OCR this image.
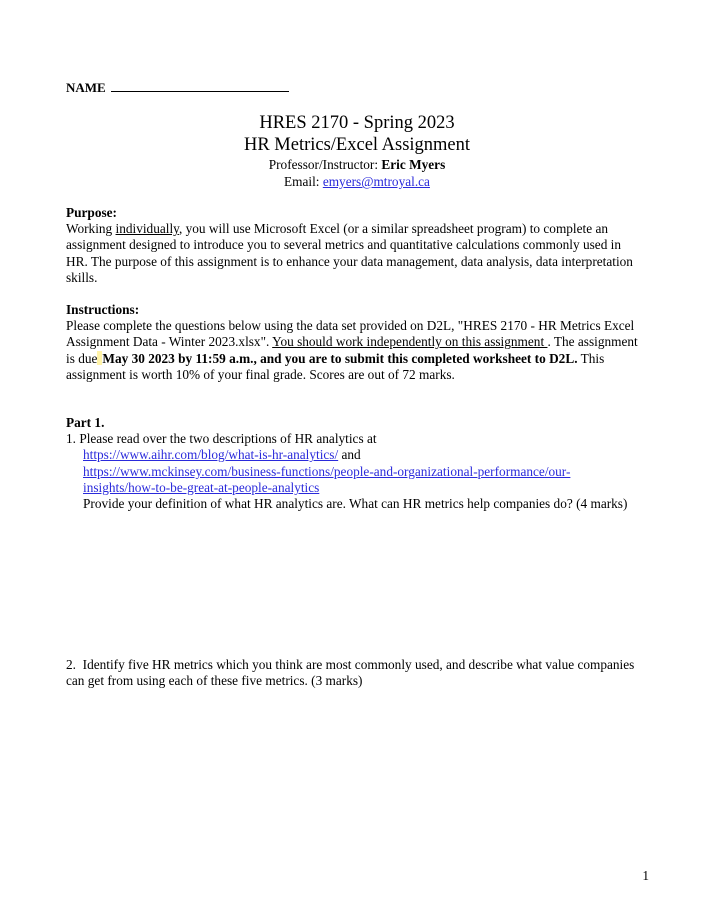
NAME
HRES 2170 - Spring 2023
HR Metrics/Excel Assignment
Professor/Instructor: Eric Myers
Email: emyers@mtroyal.ca
Purpose:
Working individually, you will use Microsoft Excel (or a similar spreadsheet program) to complete an assignment designed to introduce you to several metrics and quantitative calculations commonly used in HR. The purpose of this assignment is to enhance your data management, data analysis, data interpretation skills.
Instructions:
Please complete the questions below using the data set provided on D2L, "HRES 2170 - HR Metrics Excel Assignment Data - Winter 2023.xlsx". You should work independently on this assignment . The assignment is due May 30 2023 by 11:59 a.m., and you are to submit this completed worksheet to D2L. This assignment is worth 10% of your final grade. Scores are out of 72 marks.
Part 1.
1. Please read over the two descriptions of HR analytics at
https://www.aihr.com/blog/what-is-hr-analytics/ and
https://www.mckinsey.com/business-functions/people-and-organizational-performance/our-insights/how-to-be-great-at-people-analytics
Provide your definition of what HR analytics are. What can HR metrics help companies do? (4 marks)
2. Identify five HR metrics which you think are most commonly used, and describe what value companies can get from using each of these five metrics. (3 marks)
1
